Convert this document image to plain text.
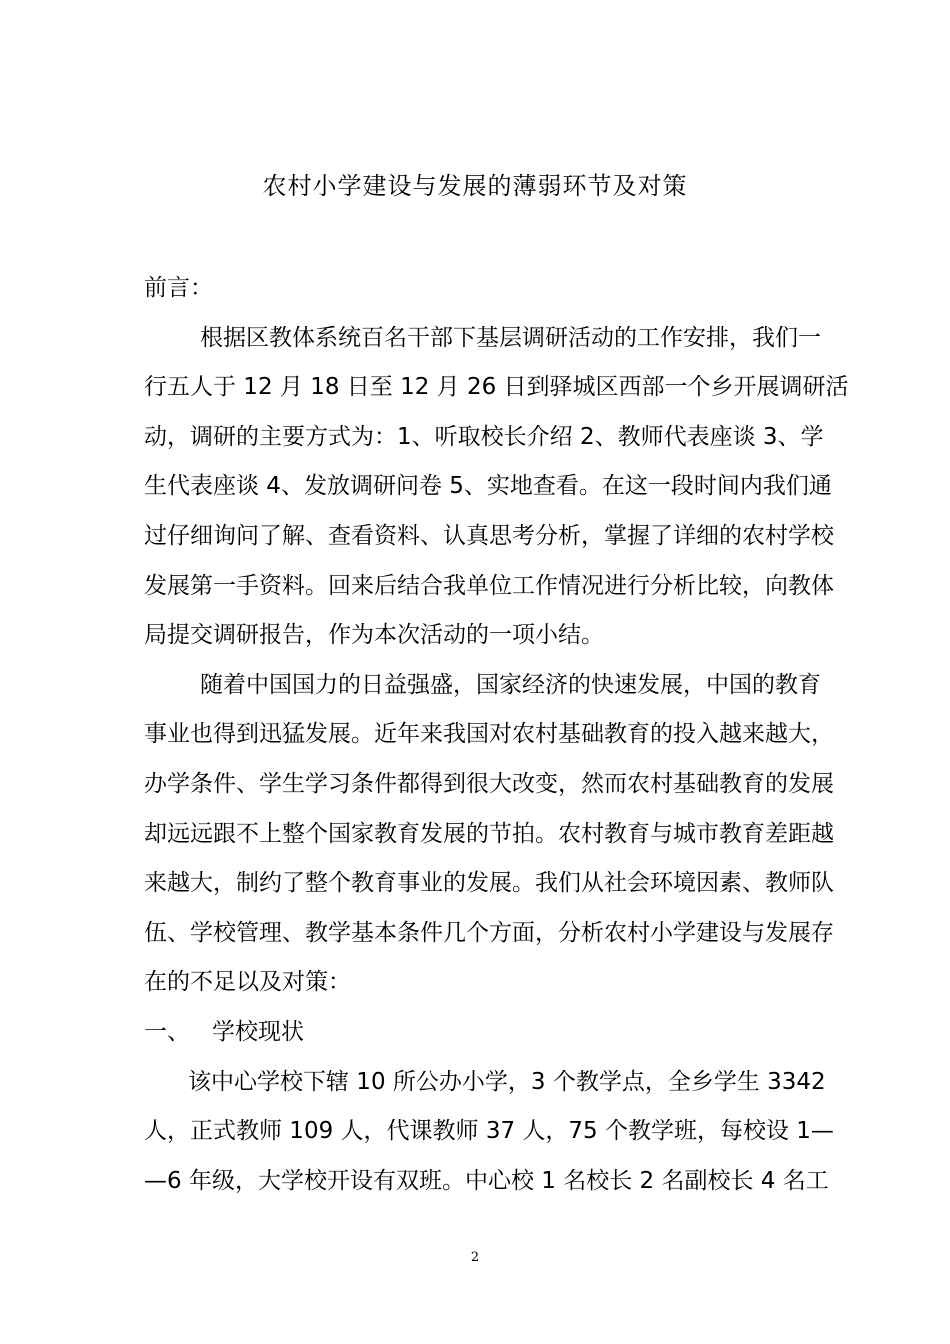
农村小学建设与发展的薄弱环节及对策
前言：
根据区教体系统百名干部下基层调研活动的工作安排，我们一
行五人于 12 月 18 日至 12 月 26 日到驿城区西部一个乡开展调研活
动，调研的主要方式为：1、听取校长介绍 2、教师代表座谈 3、学
生代表座谈 4、发放调研问卷 5、实地查看。在这一段时间内我们通
过仔细询问了解、查看资料、认真思考分析，掌握了详细的农村学校
发展第一手资料。回来后结合我单位工作情况进行分析比较，向教体
局提交调研报告，作为本次活动的一项小结。
随着中国国力的日益强盛，国家经济的快速发展，中国的教育
事业也得到迅猛发展。近年来我国对农村基础教育的投入越来越大，
办学条件、学生学习条件都得到很大改变，然而农村基础教育的发展
却远远跟不上整个国家教育发展的节拍。农村教育与城市教育差距越
来越大，制约了整个教育事业的发展。我们从社会环境因素、教师队
伍、学校管理、教学基本条件几个方面，分析农村小学建设与发展存
在的不足以及对策：
一、 学校现状
该中心学校下辖 10 所公办小学，3 个教学点，全乡学生 3342
人，正式教师 109 人，代课教师 37 人，75 个教学班，每校设 1—
—6 年级，大学校开设有双班。中心校 1 名校长 2 名副校长 4 名工
2
